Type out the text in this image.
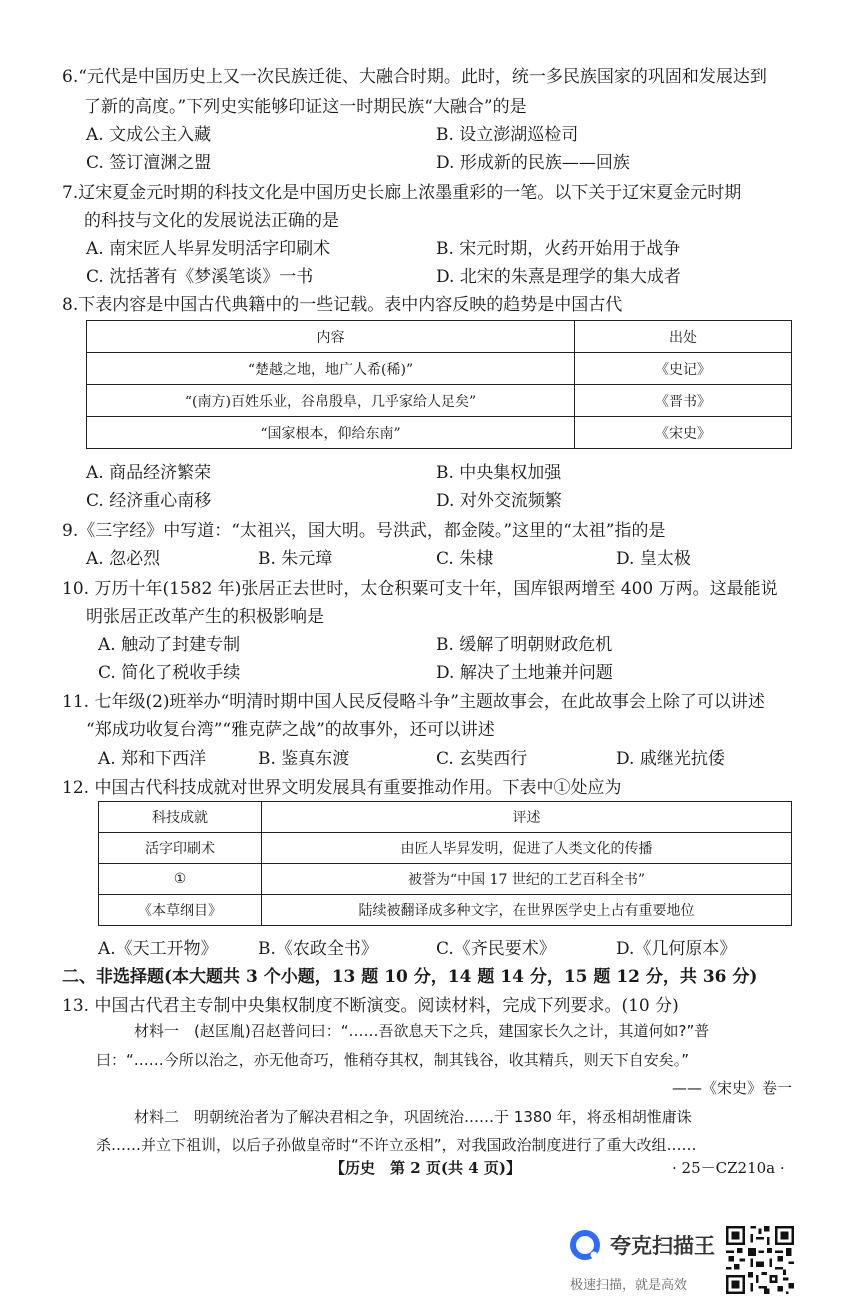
6.“元代是中国历史上又一次民族迁徙、大融合时期。此时，统一多民族国家的巩固和发展达到
了新的高度。”下列史实能够印证这一时期民族“大融合”的是
A. 文成公主入藏	B. 设立澎湖巡检司
C. 签订澶渊之盟	D. 形成新的民族——回族
7.辽宋夏金元时期的科技文化是中国历史长廊上浓墨重彩的一笔。以下关于辽宋夏金元时期
的科技与文化的发展说法正确的是
A. 南宋匠人毕昇发明活字印刷术	B. 宋元时期，火药开始用于战争
C. 沈括著有《梦溪笔谈》一书	D. 北宋的朱熹是理学的集大成者
8.下表内容是中国古代典籍中的一些记载。表中内容反映的趋势是中国古代
内容	出处
“楚越之地，地广人希(稀)”	《史记》
“(南方)百姓乐业，谷帛殷阜，几乎家给人足矣”	《晋书》
“国家根本，仰给东南”	《宋史》
A. 商品经济繁荣	B. 中央集权加强
C. 经济重心南移	D. 对外交流频繁
9.《三字经》中写道：“太祖兴，国大明。号洪武，都金陵。”这里的“太祖”指的是
A. 忽必烈	B. 朱元璋	C. 朱棣	D. 皇太极
10. 万历十年(1582 年)张居正去世时，太仓积粟可支十年，国库银两增至 400 万两。这最能说
明张居正改革产生的积极影响是
A. 触动了封建专制	B. 缓解了明朝财政危机
C. 简化了税收手续	D. 解决了土地兼并问题
11. 七年级(2)班举办“明清时期中国人民反侵略斗争”主题故事会，在此故事会上除了可以讲述
“郑成功收复台湾”“雅克萨之战”的故事外，还可以讲述
A. 郑和下西洋	B. 鉴真东渡	C. 玄奘西行	D. 戚继光抗倭
12. 中国古代科技成就对世界文明发展具有重要推动作用。下表中①处应为
科技成就	评述
活字印刷术	由匠人毕昇发明，促进了人类文化的传播
①	被誉为“中国 17 世纪的工艺百科全书”
《本草纲目》	陆续被翻译成多种文字，在世界医学史上占有重要地位
A.《天工开物》 B.《农政全书》	C.《齐民要术》	D.《几何原本》
二、非选择题(本大题共 3 个小题，13 题 10 分，14 题 14 分，15 题 12 分，共 36 分)
13. 中国古代君主专制中央集权制度不断演变。阅读材料，完成下列要求。(10 分)
材料一　(赵匡胤)召赵普问曰：“……吾欲息天下之兵，建国家长久之计，其道何如?”普
曰：“……今所以治之，亦无他奇巧，惟稍夺其权，制其钱谷，收其精兵，则天下自安矣。”
——《宋史》卷一
材料二　明朝统治者为了解决君相之争，巩固统治……于 1380 年，将丞相胡惟庸诛
杀……并立下祖训，以后子孙做皇帝时“不许立丞相”，对我国政治制度进行了重大改组……
【历史　第 2 页(共 4 页)】	· 25－CZ210a ·
夸克扫描王
极速扫描，就是高效
